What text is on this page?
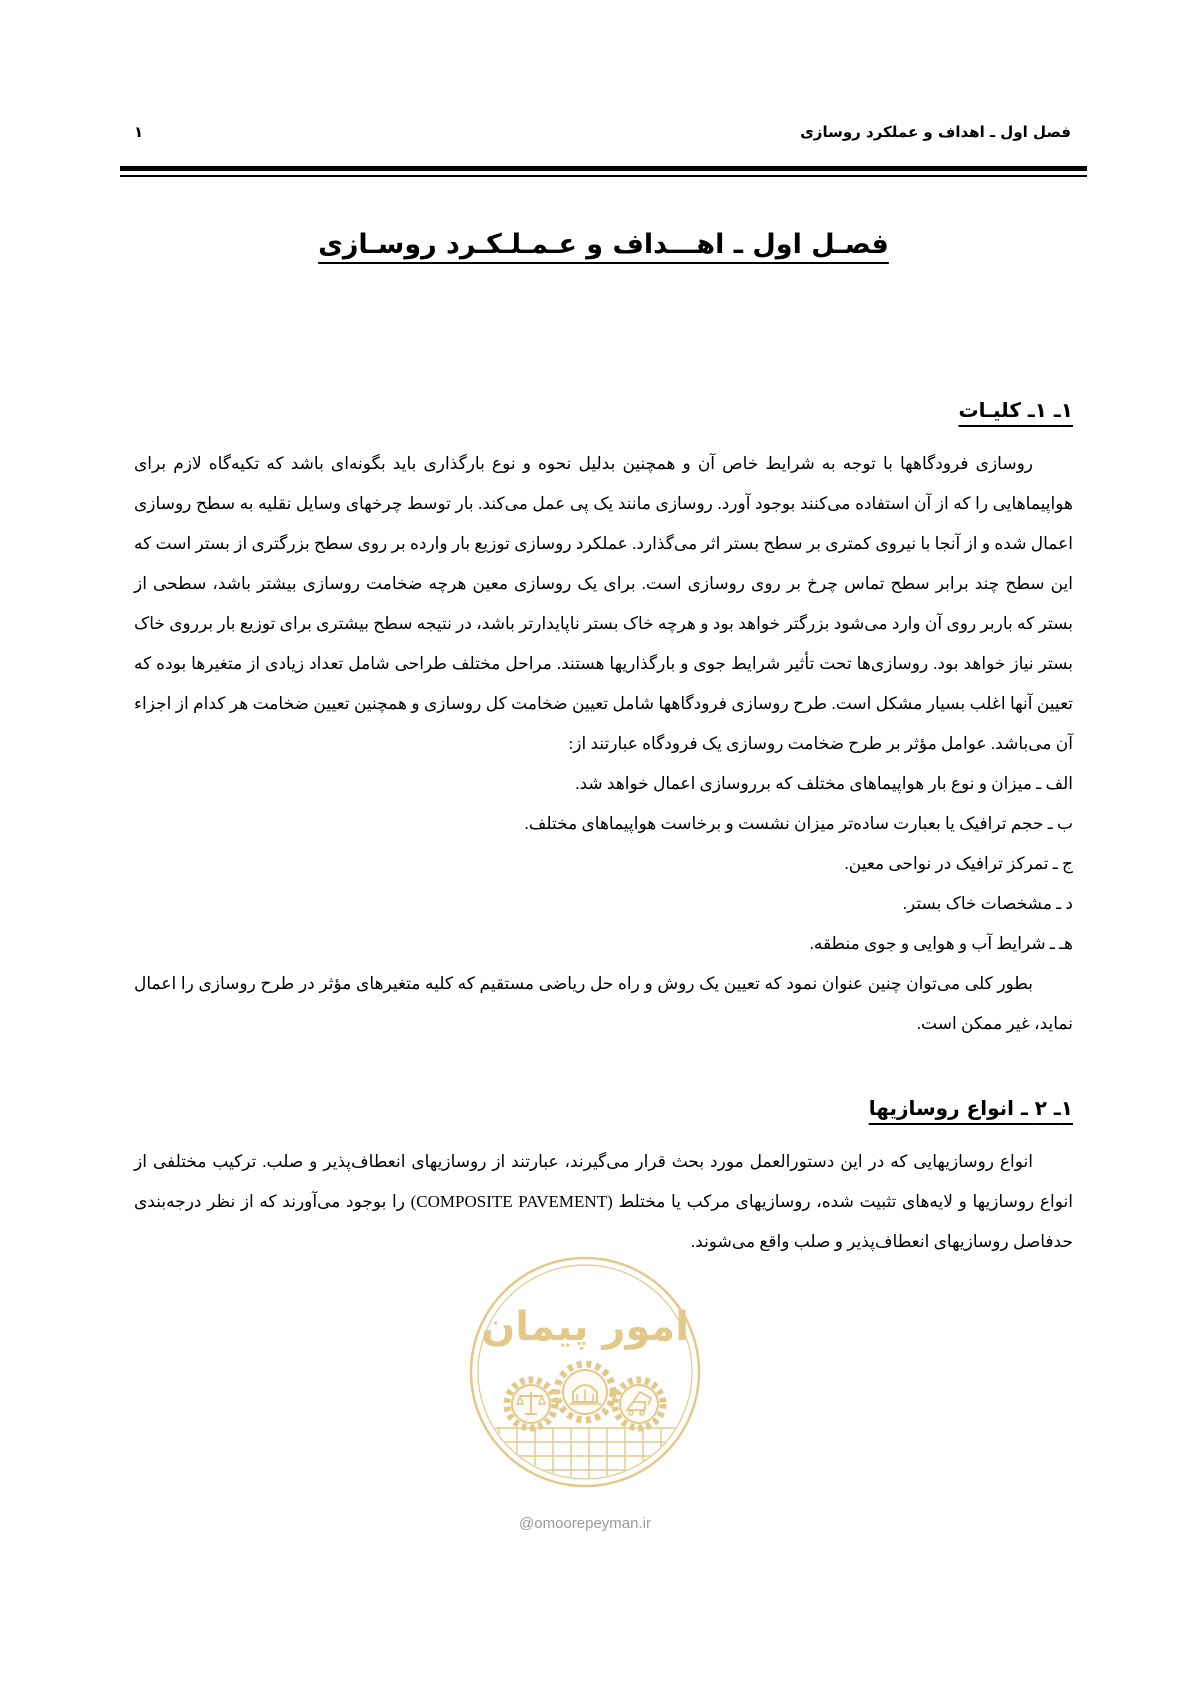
فصل اول ـ اهداف و عملکرد روسازی
۱
فصـل اول ـ اهـــداف و عـمـلـکـرد روسـازی
۱ـ ۱ـ کلیـات

روسازی فرودگاهها با توجه به شرایط خاص آن و همچنین بدلیل نحوه و نوع بارگذاری باید بگونه‌ای باشد که تکیه‌گاه لازم برای هواپیماهایی را که از آن استفاده می‌کنند بوجود آورد. روسازی مانند یک پی عمل می‌کند. بار توسط چرخهای وسایل نقلیه به سطح روسازی اعمال شده و از آنجا با نیروی کمتری بر سطح بستر اثر می‌گذارد. عملکرد روسازی توزیع بار وارده بر روی سطح بزرگتری از بستر است که این سطح چند برابر سطح تماس چرخ بر روی روسازی است. برای یک روسازی معین هرچه ضخامت روسازی بیشتر باشد، سطحی از بستر که باربر روی آن وارد می‌شود بزرگتر خواهد بود و هرچه خاک بستر ناپایدارتر باشد، در نتیجه سطح بیشتری برای توزیع بار برروی خاک بستر نیاز خواهد بود. روسازی‌ها تحت تأثیر شرایط جوی و بارگذاریها هستند. مراحل مختلف طراحی شامل تعداد زیادی از متغیرها بوده که تعیین آنها اغلب بسیار مشکل است. طرح روسازی فرودگاهها شامل تعیین ضخامت کل روسازی و همچنین تعیین ضخامت هر کدام از اجزاء آن می‌باشد. عوامل مؤثر بر طرح ضخامت روسازی یک فرودگاه عبارتند از:

الف ـ میزان و نوع بار هواپیماهای مختلف که برروسازی اعمال خواهد شد.

ب ـ حجم ترافیک یا بعبارت ساده‌تر میزان نشست و برخاست هواپیماهای مختلف.

ج ـ تمرکز ترافیک در نواحی معین.

د ـ مشخصات خاک بستر.

هـ ـ شرایط آب و هوایی و جوی منطقه.

بطور کلی می‌توان چنین عنوان نمود که تعیین یک روش و راه حل ریاضی مستقیم که کلیه متغیرهای مؤثر در طرح روسازی را اعمال نماید، غیر ممکن است.

۱ـ ۲ ـ انواع روسازیها

انواع روسازیهایی که در این دستورالعمل مورد بحث قرار می‌گیرند، عبارتند از روسازیهای انعطاف‌پذیر و صلب. ترکیب مختلفی از انواع روسازیها و لایه‌های تثبیت شده، روسازیهای مرکب یا مختلط (COMPOSITE PAVEMENT) را بوجود می‌آورند که از نظر درجه‌بندی حدفاصل روسازیهای انعطاف‌پذیر و صلب واقع می‌شوند.

امور پیمان
@omoorepeyman.ir
